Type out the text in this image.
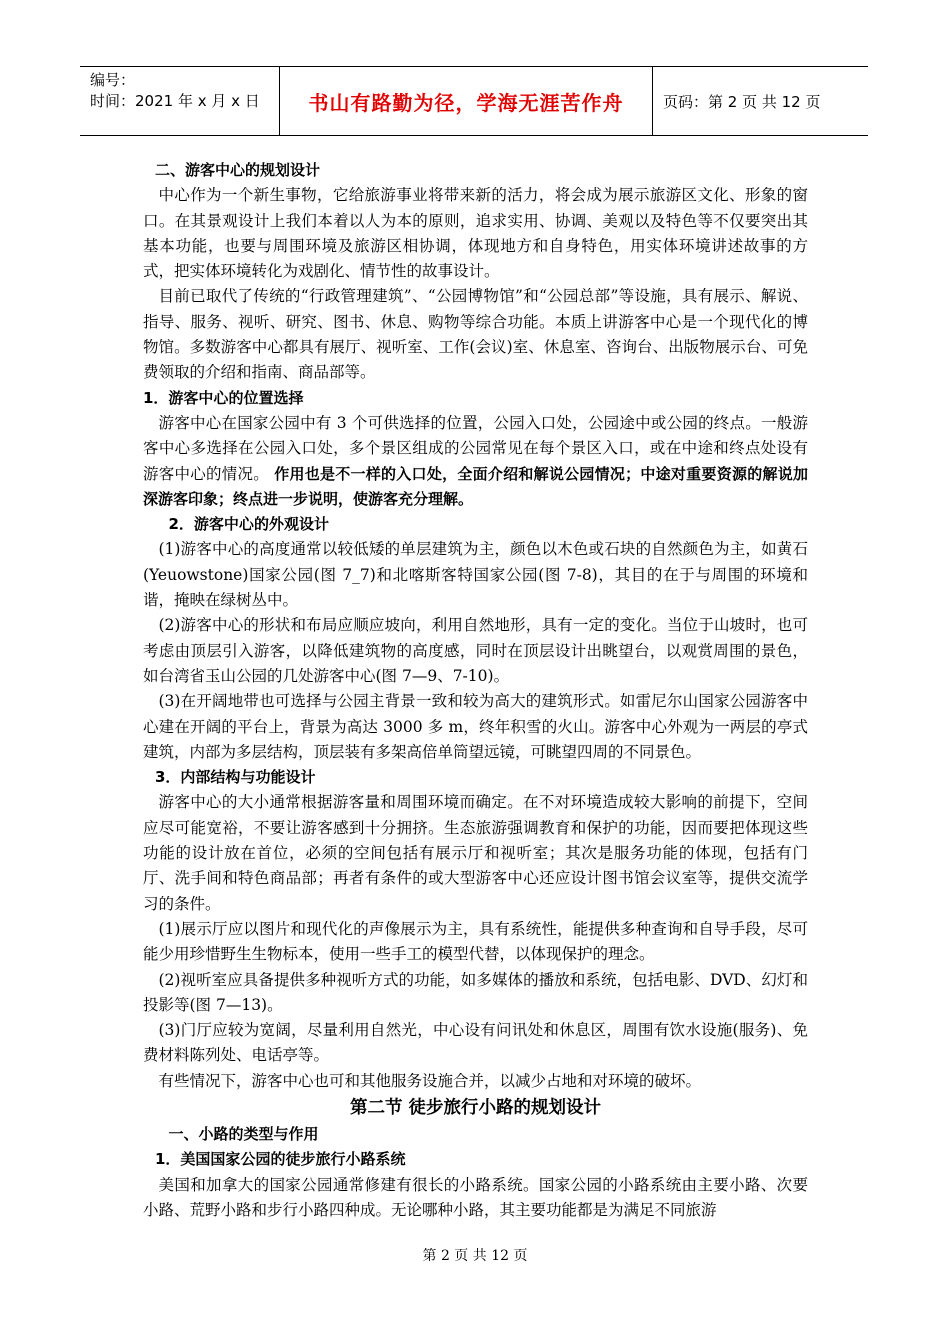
编号：
时间：2021 年 x 月 x 日	书山有路勤为径，学海无涯苦作舟	页码：第 2 页 共 12 页

二、游客中心的规划设计

中心作为一个新生事物，它给旅游事业将带来新的活力，将会成为展示旅游区文化、形象的窗口。在其景观设计上我们本着以人为本的原则，追求实用、协调、美观以及特色等不仅要突出其基本功能，也要与周围环境及旅游区相协调，体现地方和自身特色，用实体环境讲述故事的方式，把实体环境转化为戏剧化、情节性的故事设计。

目前已取代了传统的“行政管理建筑”、“公园博物馆”和“公园总部”等设施，具有展示、解说、指导、服务、视听、研究、图书、休息、购物等综合功能。本质上讲游客中心是一个现代化的博物馆。多数游客中心都具有展厅、视听室、工作(会议)室、休息室、咨询台、出版物展示台、可免费领取的介绍和指南、商品部等。

1．游客中心的位置选择

游客中心在国家公园中有 3 个可供选择的位置，公园入口处，公园途中或公园的终点。一般游客中心多选择在公园入口处，多个景区组成的公园常见在每个景区入口，或在中途和终点处设有游客中心的情况。 作用也是不一样的入口处，全面介绍和解说公园情况；中途对重要资源的解说加深游客印象；终点进一步说明，使游客充分理解。

2．游客中心的外观设计

(1)游客中心的高度通常以较低矮的单层建筑为主，颜色以木色或石块的自然颜色为主，如黄石(Yeuowstone)国家公园(图 7_7)和北喀斯客特国家公园(图 7-8)，其目的在于与周围的环境和谐，掩映在绿树丛中。

(2)游客中心的形状和布局应顺应坡向，利用自然地形，具有一定的变化。当位于山坡时，也可考虑由顶层引入游客，以降低建筑物的高度感，同时在顶层设计出眺望台，以观赏周围的景色，如台湾省玉山公园的几处游客中心(图 7—9、7-10)。

(3)在开阔地带也可选择与公园主背景一致和较为高大的建筑形式。如雷尼尔山国家公园游客中心建在开阔的平台上，背景为高达 3000 多 m，终年积雪的火山。游客中心外观为一两层的亭式建筑，内部为多层结构，顶层装有多架高倍单筒望远镜，可眺望四周的不同景色。

3．内部结构与功能设计

游客中心的大小通常根据游客量和周围环境而确定。在不对环境造成较大影响的前提下，空间应尽可能宽裕，不要让游客感到十分拥挤。生态旅游强调教育和保护的功能，因而要把体现这些功能的设计放在首位，必须的空间包括有展示厅和视听室；其次是服务功能的体现，包括有门厅、洗手间和特色商品部；再者有条件的或大型游客中心还应设计图书馆会议室等，提供交流学习的条件。

(1)展示厅应以图片和现代化的声像展示为主，具有系统性，能提供多种查询和自导手段，尽可能少用珍惜野生生物标本，使用一些手工的模型代替，以体现保护的理念。

(2)视听室应具备提供多种视听方式的功能，如多媒体的播放和系统，包括电影、DVD、幻灯和投影等(图 7—13)。

(3)门厅应较为宽阔，尽量利用自然光，中心设有问讯处和休息区，周围有饮水设施(服务)、免费材料陈列处、电话亭等。

有些情况下，游客中心也可和其他服务设施合并，以减少占地和对环境的破坏。

第二节 徒步旅行小路的规划设计

一、小路的类型与作用

1．美国国家公园的徒步旅行小路系统

美国和加拿大的国家公园通常修建有很长的小路系统。国家公园的小路系统由主要小路、次要小路、荒野小路和步行小路四种成。无论哪种小路，其主要功能都是为满足不同旅游

第 2 页 共 12 页
